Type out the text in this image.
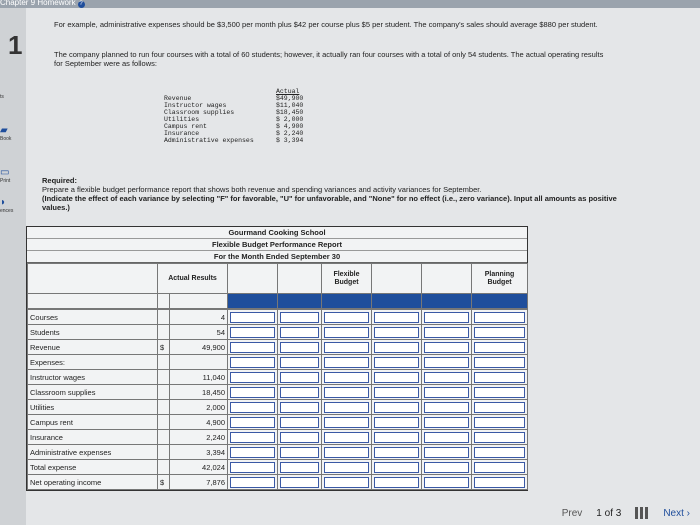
Chapter 9 Homework ?
ts
▰
Book
▭
Print
◗
ences
1
For example, administrative expenses should be $3,500 per month plus $42 per course plus $5 per student. The company's sales should average $880 per student.
The company planned to run four courses with a total of 60 students; however, it actually ran four courses with a total of only 54 students. The actual operating results for September were as follows:
Actual
Revenue	$49,900
Instructor wages	$11,040
Classroom supplies	$18,450
Utilities	$ 2,000
Campus rent	$ 4,900
Insurance	$ 2,240
Administrative expenses	$ 3,394
Required:
Prepare a flexible budget performance report that shows both revenue and spending variances and activity variances for September.
(Indicate the effect of each variance by selecting "F" for favorable, "U" for unfavorable, and "None" for no effect (i.e., zero variance). Input all amounts as positive values.)
Gourmand Cooking School
Flexible Budget Performance Report
For the Month Ended September 30
	Actual Results				Flexible Budget			Planning Budget

Courses		4	

Students		54	

Revenue	$	49,900	

Expenses:			

Instructor wages		11,040	

Classroom supplies		18,450	

Utilities		2,000	

Campus rent		4,900	

Insurance		2,240	

Administrative expenses		3,394	

Total expense		42,024	

Net operating income	$	7,876	

Prev 1 of 3	Next ›
